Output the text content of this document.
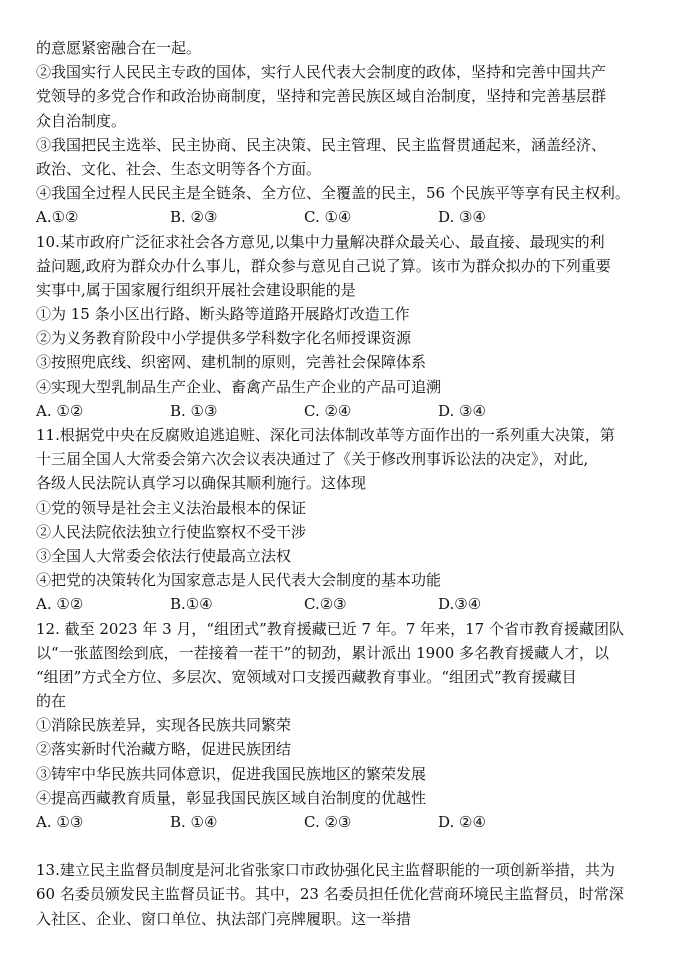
的意愿紧密融合在一起。
②我国实行人民民主专政的国体，实行人民代表大会制度的政体，坚持和完善中国共产
党领导的多党合作和政治协商制度，坚持和完善民族区域自治制度，坚持和完善基层群
众自治制度。
③我国把民主选举、民主协商、民主决策、民主管理、民主监督贯通起来，涵盖经济、
政治、文化、社会、生态文明等各个方面。
④我国全过程人民民主是全链条、全方位、全覆盖的民主，56 个民族平等享有民主权利。
A.①②	B. ②③	C. ①④	D. ③④
10.某市政府广泛征求社会各方意见,以集中力量解决群众最关心、最直接、最现实的利
益问题,政府为群众办什么事儿，群众参与意见自己说了算。该市为群众拟办的下列重要
实事中,属于国家履行组织开展社会建设职能的是
①为 15 条小区出行路、断头路等道路开展路灯改造工作
②为义务教育阶段中小学提供多学科数字化名师授课资源
③按照兜底线、织密网、建机制的原则，完善社会保障体系
④实现大型乳制品生产企业、畜禽产品生产企业的产品可追溯
A. ①②	B. ①③	C. ②④	D. ③④
11.根据党中央在反腐败追逃追赃、深化司法体制改革等方面作出的一系列重大决策，第
十三届全国人大常委会第六次会议表决通过了《关于修改刑事诉讼法的决定》，对此,
各级人民法院认真学习以确保其顺利施行。这体现
①党的领导是社会主义法治最根本的保证
②人民法院依法独立行使监察权不受干涉
③全国人大常委会依法行使最高立法权
④把党的决策转化为国家意志是人民代表大会制度的基本功能
A. ①②	B.①④	C.②③	D.③④
12. 截至 2023 年 3 月，“组团式”教育援藏已近 7 年。7 年来，17 个省市教育援藏团队
以“一张蓝图绘到底，一茬接着一茬干”的韧劲，累计派出 1900 多名教育援藏人才，以
“组团”方式全方位、多层次、宽领域对口支援西藏教育事业。“组团式”教育援藏目
的在
①消除民族差异，实现各民族共同繁荣
②落实新时代治藏方略，促进民族团结
③铸牢中华民族共同体意识，促进我国民族地区的繁荣发展
④提高西藏教育质量，彰显我国民族区域自治制度的优越性
A. ①③	B. ①④	C. ②③	D. ②④
13.建立民主监督员制度是河北省张家口市政协强化民主监督职能的一项创新举措，共为
60 名委员颁发民主监督员证书。其中，23 名委员担任优化营商环境民主监督员，时常深
入社区、企业、窗口单位、执法部门亮牌履职。这一举措
